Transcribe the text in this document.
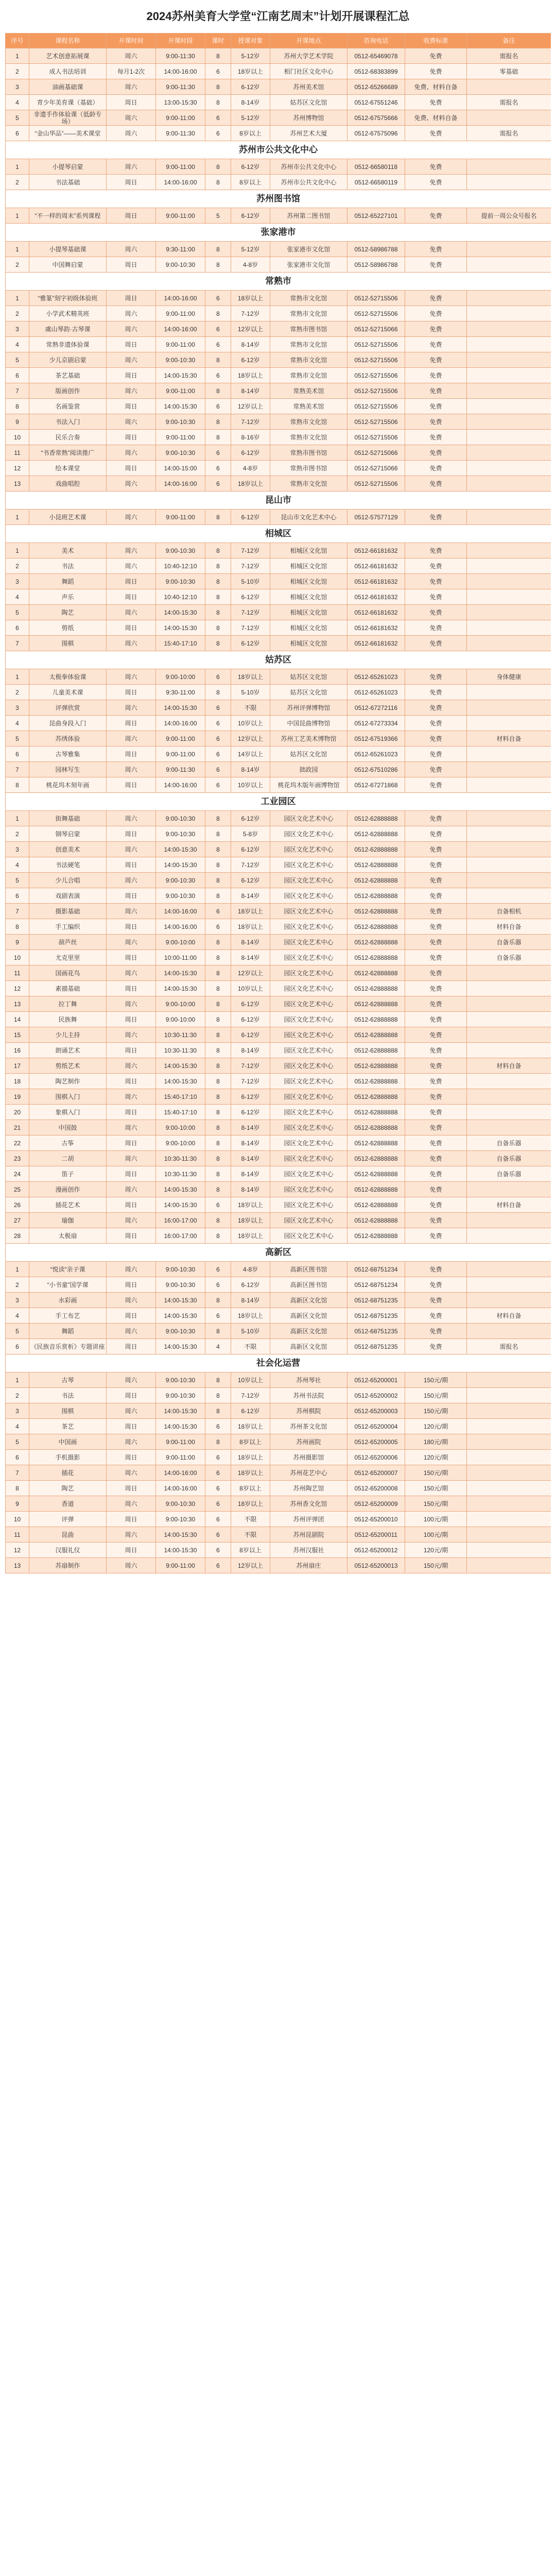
2024苏州美育大学堂“江南艺周末”计划开展课程汇总
序号	课程名称	开课时间	开课时段	课时	授课对象	开课地点	咨询电话	收费标准	备注
1	艺术创意拓展课	周六	9:00-11:30	8	5-12岁	苏州大学艺术学院	0512-65469078	免费	需报名
2	成人书法培训	每月1-2次	14:00-16:00	6	18岁以上	相门社区文化中心	0512-68383899	免费	零基础
3	油画基础课	周六	9:00-11:30	8	6-12岁	苏州美术馆	0512-65266689	免费、材料自备	
4	青少年美育课（基础）	周日	13:00-15:30	8	8-14岁	姑苏区文化馆	0512-67551246	免费	需报名
5	非遗手作体验课（低龄专场）	周六	9:00-11:00	6	5-12岁	苏州博物馆	0512-67575666	免费、材料自备	
6	“金山华品”——美术课堂	周六	9:00-11:30	6	8岁以上	苏州艺术大厦	0512-67575096	免费	需报名
苏州市公共文化中心									
1	小提琴启蒙	周六	9:00-11:00	8	6-12岁	苏州市公共文化中心	0512-66580118	免费	
2	书法基础	周日	14:00-16:00	8	8岁以上	苏州市公共文化中心	0512-66580119	免费	
苏州图书馆									
1	“不一样的周末”系列课程	周日	9:00-11:00	5	6-12岁	苏州第二图书馆	0512-65227101	免费	提前一周公众号报名
张家港市									
1	小提琴基础课	周六	9:30-11:00	8	5-12岁	张家港市文化馆	0512-58986788	免费	
2	中国舞启蒙	周日	9:00-10:30	8	4-8岁	张家港市文化馆	0512-58986788	免费	
常熟市									
1	“雅篆”刻字初级体验班	周日	14:00-16:00	6	18岁以上	常熟市文化馆	0512-52715506	免费	
2	小学武术精英班	周六	9:00-11:00	8	7-12岁	常熟市文化馆	0512-52715506	免费	
3	虞山琴韵·古琴课	周六	14:00-16:00	6	12岁以上	常熟市图书馆	0512-52715066	免费	
4	常熟非遗体验课	周日	9:00-11:00	6	8-14岁	常熟市文化馆	0512-52715506	免费	
5	少儿京剧启蒙	周六	9:00-10:30	8	6-12岁	常熟市文化馆	0512-52715506	免费	
6	茶艺基础	周日	14:00-15:30	6	18岁以上	常熟市文化馆	0512-52715506	免费	
7	版画创作	周六	9:00-11:00	8	8-14岁	常熟美术馆	0512-52715506	免费	
8	名画鉴赏	周日	14:00-15:30	6	12岁以上	常熟美术馆	0512-52715506	免费	
9	书法入门	周六	9:00-10:30	8	7-12岁	常熟市文化馆	0512-52715506	免费	
10	民乐合奏	周日	9:00-11:00	8	8-16岁	常熟市文化馆	0512-52715506	免费	
11	“书香常熟”阅读推广	周六	9:00-10:30	6	6-12岁	常熟市图书馆	0512-52715066	免费	
12	绘本课堂	周日	14:00-15:00	6	4-8岁	常熟市图书馆	0512-52715066	免费	
13	戏曲唱腔	周六	14:00-16:00	6	18岁以上	常熟市文化馆	0512-52715506	免费	
昆山市									
1	小昆班艺术课	周六	9:00-11:00	8	6-12岁	昆山市文化艺术中心	0512-57577129	免费	
相城区									
1	美术	周六	9:00-10:30	8	7-12岁	相城区文化馆	0512-66181632	免费	
2	书法	周六	10:40-12:10	8	7-12岁	相城区文化馆	0512-66181632	免费	
3	舞蹈	周日	9:00-10:30	8	5-10岁	相城区文化馆	0512-66181632	免费	
4	声乐	周日	10:40-12:10	8	6-12岁	相城区文化馆	0512-66181632	免费	
5	陶艺	周六	14:00-15:30	8	7-12岁	相城区文化馆	0512-66181632	免费	
6	剪纸	周日	14:00-15:30	8	7-12岁	相城区文化馆	0512-66181632	免费	
7	围棋	周六	15:40-17:10	8	6-12岁	相城区文化馆	0512-66181632	免费	
姑苏区									
1	太极拳体验课	周六	9:00-10:00	6	18岁以上	姑苏区文化馆	0512-65261023	免费	身体健康
2	儿童美术课	周日	9:30-11:00	8	5-10岁	姑苏区文化馆	0512-65261023	免费	
3	评弹欣赏	周六	14:00-15:30	6	不限	苏州评弹博物馆	0512-67272116	免费	
4	昆曲身段入门	周日	14:00-16:00	6	10岁以上	中国昆曲博物馆	0512-67273334	免费	
5	苏绣体验	周六	9:00-11:00	6	12岁以上	苏州工艺美术博物馆	0512-67519366	免费	材料自备
6	古琴雅集	周日	9:00-11:00	6	14岁以上	姑苏区文化馆	0512-65261023	免费	
7	园林写生	周六	9:00-11:30	6	8-14岁	拙政园	0512-67510286	免费	
8	桃花坞木刻年画	周日	14:00-16:00	6	10岁以上	桃花坞木版年画博物馆	0512-67271868	免费	
工业园区									
1	街舞基础	周六	9:00-10:30	8	6-12岁	园区文化艺术中心	0512-62888888	免费	
2	钢琴启蒙	周日	9:00-10:30	8	5-8岁	园区文化艺术中心	0512-62888888	免费	
3	创意美术	周六	14:00-15:30	8	6-12岁	园区文化艺术中心	0512-62888888	免费	
4	书法硬笔	周日	14:00-15:30	8	7-12岁	园区文化艺术中心	0512-62888888	免费	
5	少儿合唱	周六	9:00-10:30	8	6-12岁	园区文化艺术中心	0512-62888888	免费	
6	戏剧表演	周日	9:00-10:30	8	8-14岁	园区文化艺术中心	0512-62888888	免费	
7	摄影基础	周六	14:00-16:00	6	18岁以上	园区文化艺术中心	0512-62888888	免费	自备相机
8	手工编织	周日	14:00-16:00	6	18岁以上	园区文化艺术中心	0512-62888888	免费	材料自备
9	葫芦丝	周六	9:00-10:00	8	8-14岁	园区文化艺术中心	0512-62888888	免费	自备乐器
10	尤克里里	周日	10:00-11:00	8	8-14岁	园区文化艺术中心	0512-62888888	免费	自备乐器
11	国画花鸟	周六	14:00-15:30	8	12岁以上	园区文化艺术中心	0512-62888888	免费	
12	素描基础	周日	14:00-15:30	8	10岁以上	园区文化艺术中心	0512-62888888	免费	
13	拉丁舞	周六	9:00-10:00	8	6-12岁	园区文化艺术中心	0512-62888888	免费	
14	民族舞	周日	9:00-10:00	8	6-12岁	园区文化艺术中心	0512-62888888	免费	
15	少儿主持	周六	10:30-11:30	8	6-12岁	园区文化艺术中心	0512-62888888	免费	
16	朗诵艺术	周日	10:30-11:30	8	8-14岁	园区文化艺术中心	0512-62888888	免费	
17	剪纸艺术	周六	14:00-15:30	8	7-12岁	园区文化艺术中心	0512-62888888	免费	材料自备
18	陶艺制作	周日	14:00-15:30	8	7-12岁	园区文化艺术中心	0512-62888888	免费	
19	围棋入门	周六	15:40-17:10	8	6-12岁	园区文化艺术中心	0512-62888888	免费	
20	象棋入门	周日	15:40-17:10	8	6-12岁	园区文化艺术中心	0512-62888888	免费	
21	中国鼓	周六	9:00-10:00	8	8-14岁	园区文化艺术中心	0512-62888888	免费	
22	古筝	周日	9:00-10:00	8	8-14岁	园区文化艺术中心	0512-62888888	免费	自备乐器
23	二胡	周六	10:30-11:30	8	8-14岁	园区文化艺术中心	0512-62888888	免费	自备乐器
24	笛子	周日	10:30-11:30	8	8-14岁	园区文化艺术中心	0512-62888888	免费	自备乐器
25	漫画创作	周六	14:00-15:30	8	8-14岁	园区文化艺术中心	0512-62888888	免费	
26	插花艺术	周日	14:00-15:30	6	18岁以上	园区文化艺术中心	0512-62888888	免费	材料自备
27	瑜伽	周六	16:00-17:00	8	18岁以上	园区文化艺术中心	0512-62888888	免费	
28	太极扇	周日	16:00-17:00	8	18岁以上	园区文化艺术中心	0512-62888888	免费	
高新区									
1	“悦读”亲子课	周六	9:00-10:30	6	4-8岁	高新区图书馆	0512-68751234	免费	
2	“小书童”国学课	周日	9:00-10:30	6	6-12岁	高新区图书馆	0512-68751234	免费	
3	水彩画	周六	14:00-15:30	8	8-14岁	高新区文化馆	0512-68751235	免费	
4	手工布艺	周日	14:00-15:30	6	18岁以上	高新区文化馆	0512-68751235	免费	材料自备
5	舞蹈	周六	9:00-10:30	8	5-10岁	高新区文化馆	0512-68751235	免费	
6	《民族音乐赏析》专题讲座	周日	14:00-15:30	4	不限	高新区文化馆	0512-68751235	免费	需报名
社会化运营									
1	古琴	周六	9:00-10:30	8	10岁以上	苏州琴社	0512-65200001	150元/期	
2	书法	周日	9:00-10:30	8	7-12岁	苏州书法院	0512-65200002	150元/期	
3	围棋	周六	14:00-15:30	8	6-12岁	苏州棋院	0512-65200003	150元/期	
4	茶艺	周日	14:00-15:30	6	18岁以上	苏州茶文化馆	0512-65200004	120元/期	
5	中国画	周六	9:00-11:00	8	8岁以上	苏州画院	0512-65200005	180元/期	
6	手机摄影	周日	9:00-11:00	6	18岁以上	苏州摄影馆	0512-65200006	120元/期	
7	插花	周六	14:00-16:00	6	18岁以上	苏州花艺中心	0512-65200007	150元/期	
8	陶艺	周日	14:00-16:00	6	8岁以上	苏州陶艺馆	0512-65200008	150元/期	
9	香道	周六	9:00-10:30	6	18岁以上	苏州香文化馆	0512-65200009	150元/期	
10	评弹	周日	9:00-10:30	6	不限	苏州评弹团	0512-65200010	100元/期	
11	昆曲	周六	14:00-15:30	6	不限	苏州昆剧院	0512-65200011	100元/期	
12	汉服礼仪	周日	14:00-15:30	6	8岁以上	苏州汉服社	0512-65200012	120元/期	
13	苏扇制作	周六	9:00-11:00	6	12岁以上	苏州扇庄	0512-65200013	150元/期	
